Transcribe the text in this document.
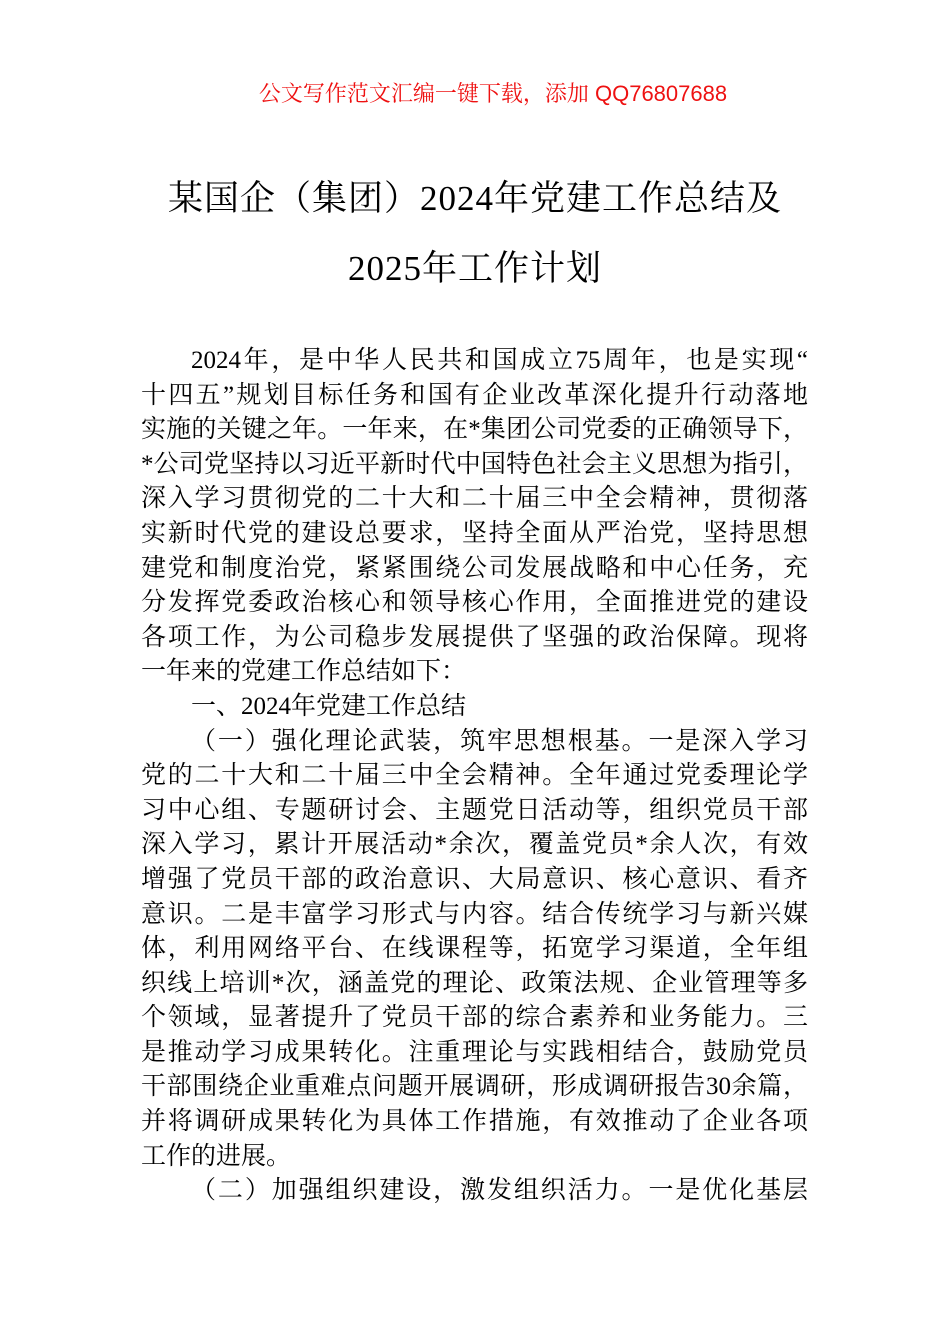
公文写作范文汇编一键下载，添加 QQ76807688
某国企（集团）2024年党建工作总结及
2025年工作计划
2024年，是中华人民共和国成立75周年，也是实现“
十四五”规划目标任务和国有企业改革深化提升行动落地
实施的关键之年。一年来，在*集团公司党委的正确领导下，
*公司党坚持以习近平新时代中国特色社会主义思想为指引，
深入学习贯彻党的二十大和二十届三中全会精神，贯彻落
实新时代党的建设总要求，坚持全面从严治党，坚持思想
建党和制度治党，紧紧围绕公司发展战略和中心任务，充
分发挥党委政治核心和领导核心作用，全面推进党的建设
各项工作，为公司稳步发展提供了坚强的政治保障。现将
一年来的党建工作总结如下：
一、2024年党建工作总结
（一）强化理论武装，筑牢思想根基。一是深入学习
党的二十大和二十届三中全会精神。全年通过党委理论学
习中心组、专题研讨会、主题党日活动等，组织党员干部
深入学习，累计开展活动*余次，覆盖党员*余人次，有效
增强了党员干部的政治意识、大局意识、核心意识、看齐
意识。二是丰富学习形式与内容。结合传统学习与新兴媒
体，利用网络平台、在线课程等，拓宽学习渠道，全年组
织线上培训*次，涵盖党的理论、政策法规、企业管理等多
个领域，显著提升了党员干部的综合素养和业务能力。三
是推动学习成果转化。注重理论与实践相结合，鼓励党员
干部围绕企业重难点问题开展调研，形成调研报告30余篇，
并将调研成果转化为具体工作措施，有效推动了企业各项
工作的进展。
（二）加强组织建设，激发组织活力。一是优化基层
